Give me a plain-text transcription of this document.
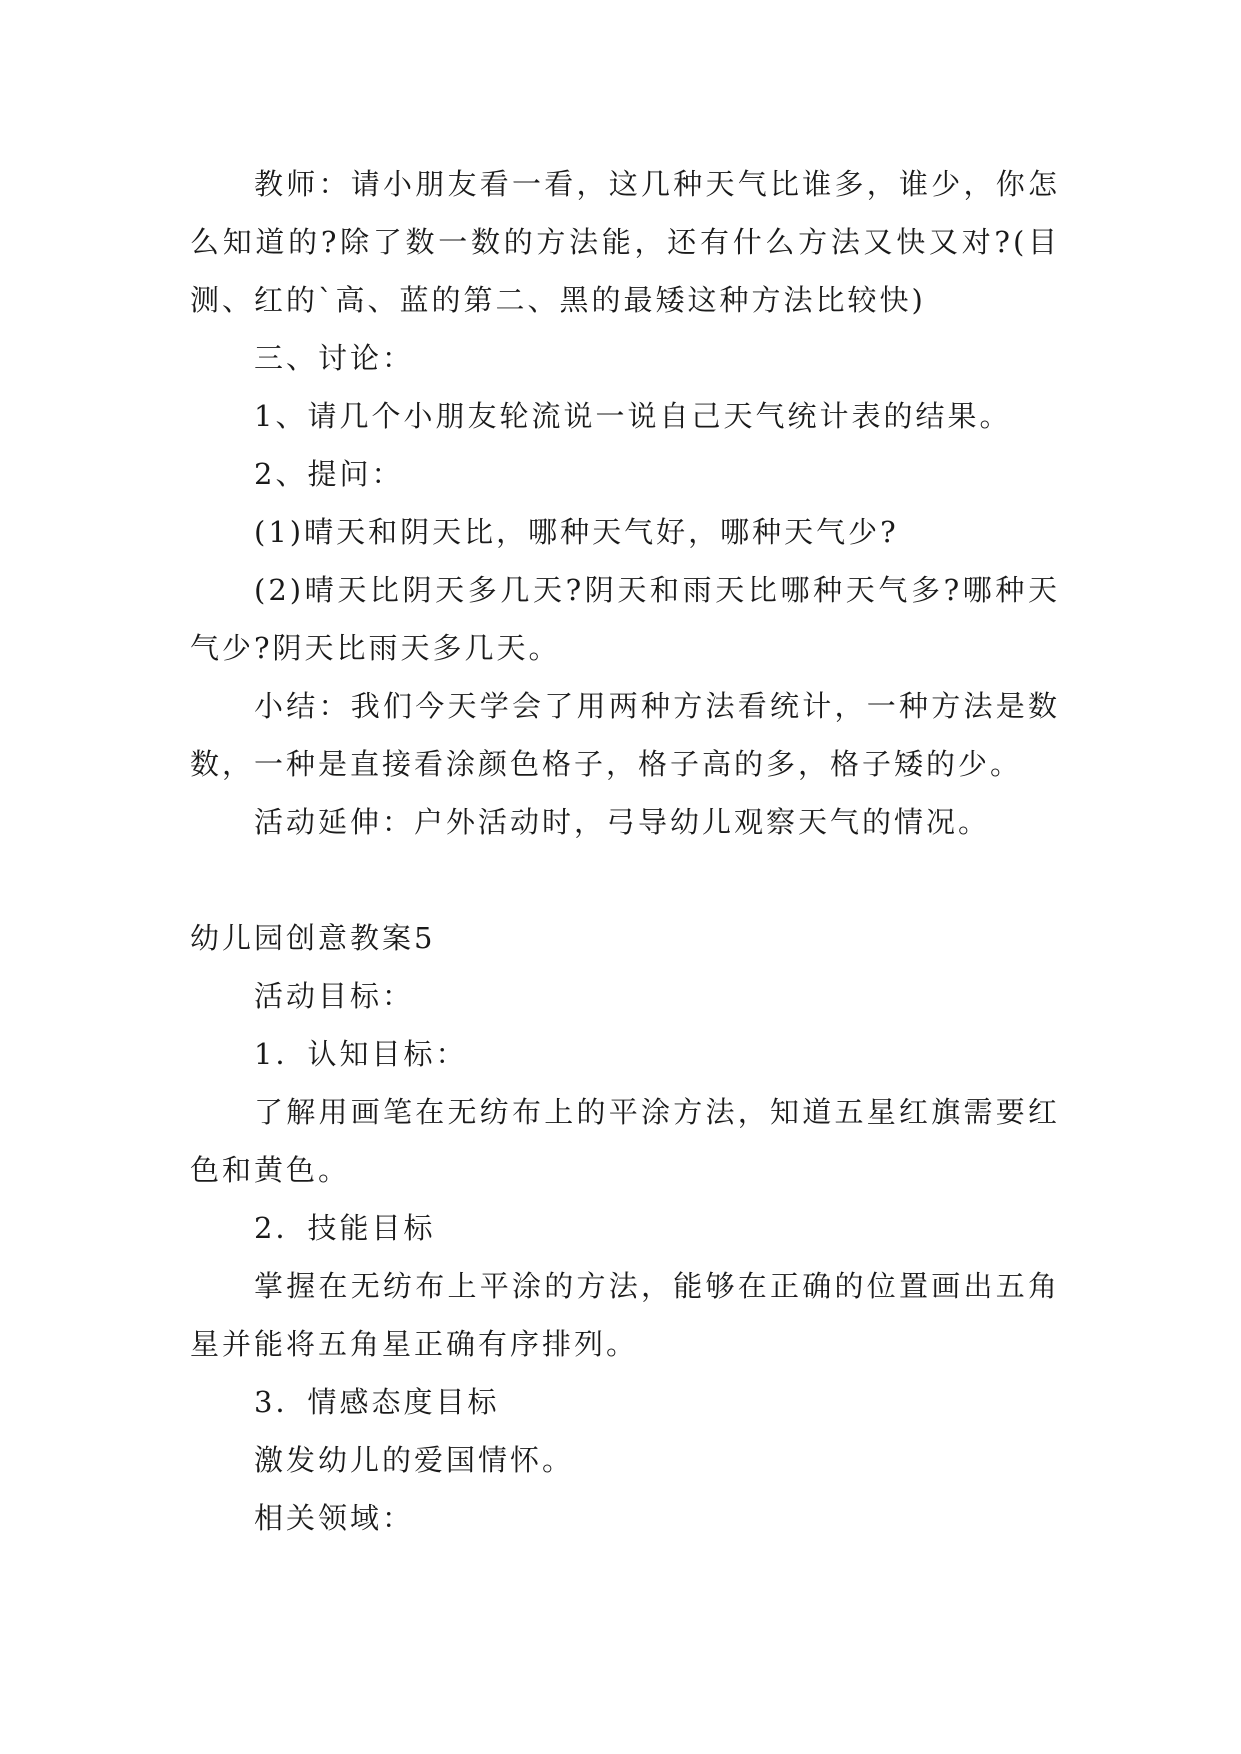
教师：请小朋友看一看，这几种天气比谁多，谁少，你怎么知道的?除了数一数的方法能，还有什么方法又快又对?(目测、红的`高、蓝的第二、黑的最矮这种方法比较快)

三、讨论：

1、请几个小朋友轮流说一说自己天气统计表的结果。

2、提问：

(1)晴天和阴天比，哪种天气好，哪种天气少?

(2)晴天比阴天多几天?阴天和雨天比哪种天气多?哪种天气少?阴天比雨天多几天。

小结：我们今天学会了用两种方法看统计，一种方法是数数，一种是直接看涂颜色格子，格子高的多，格子矮的少。

活动延伸：户外活动时，弓导幼儿观察天气的情况。

幼儿园创意教案5

活动目标：

1．认知目标：

了解用画笔在无纺布上的平涂方法，知道五星红旗需要红色和黄色。

2．技能目标

掌握在无纺布上平涂的方法，能够在正确的位置画出五角星并能将五角星正确有序排列。

3．情感态度目标

激发幼儿的爱国情怀。

相关领域：
